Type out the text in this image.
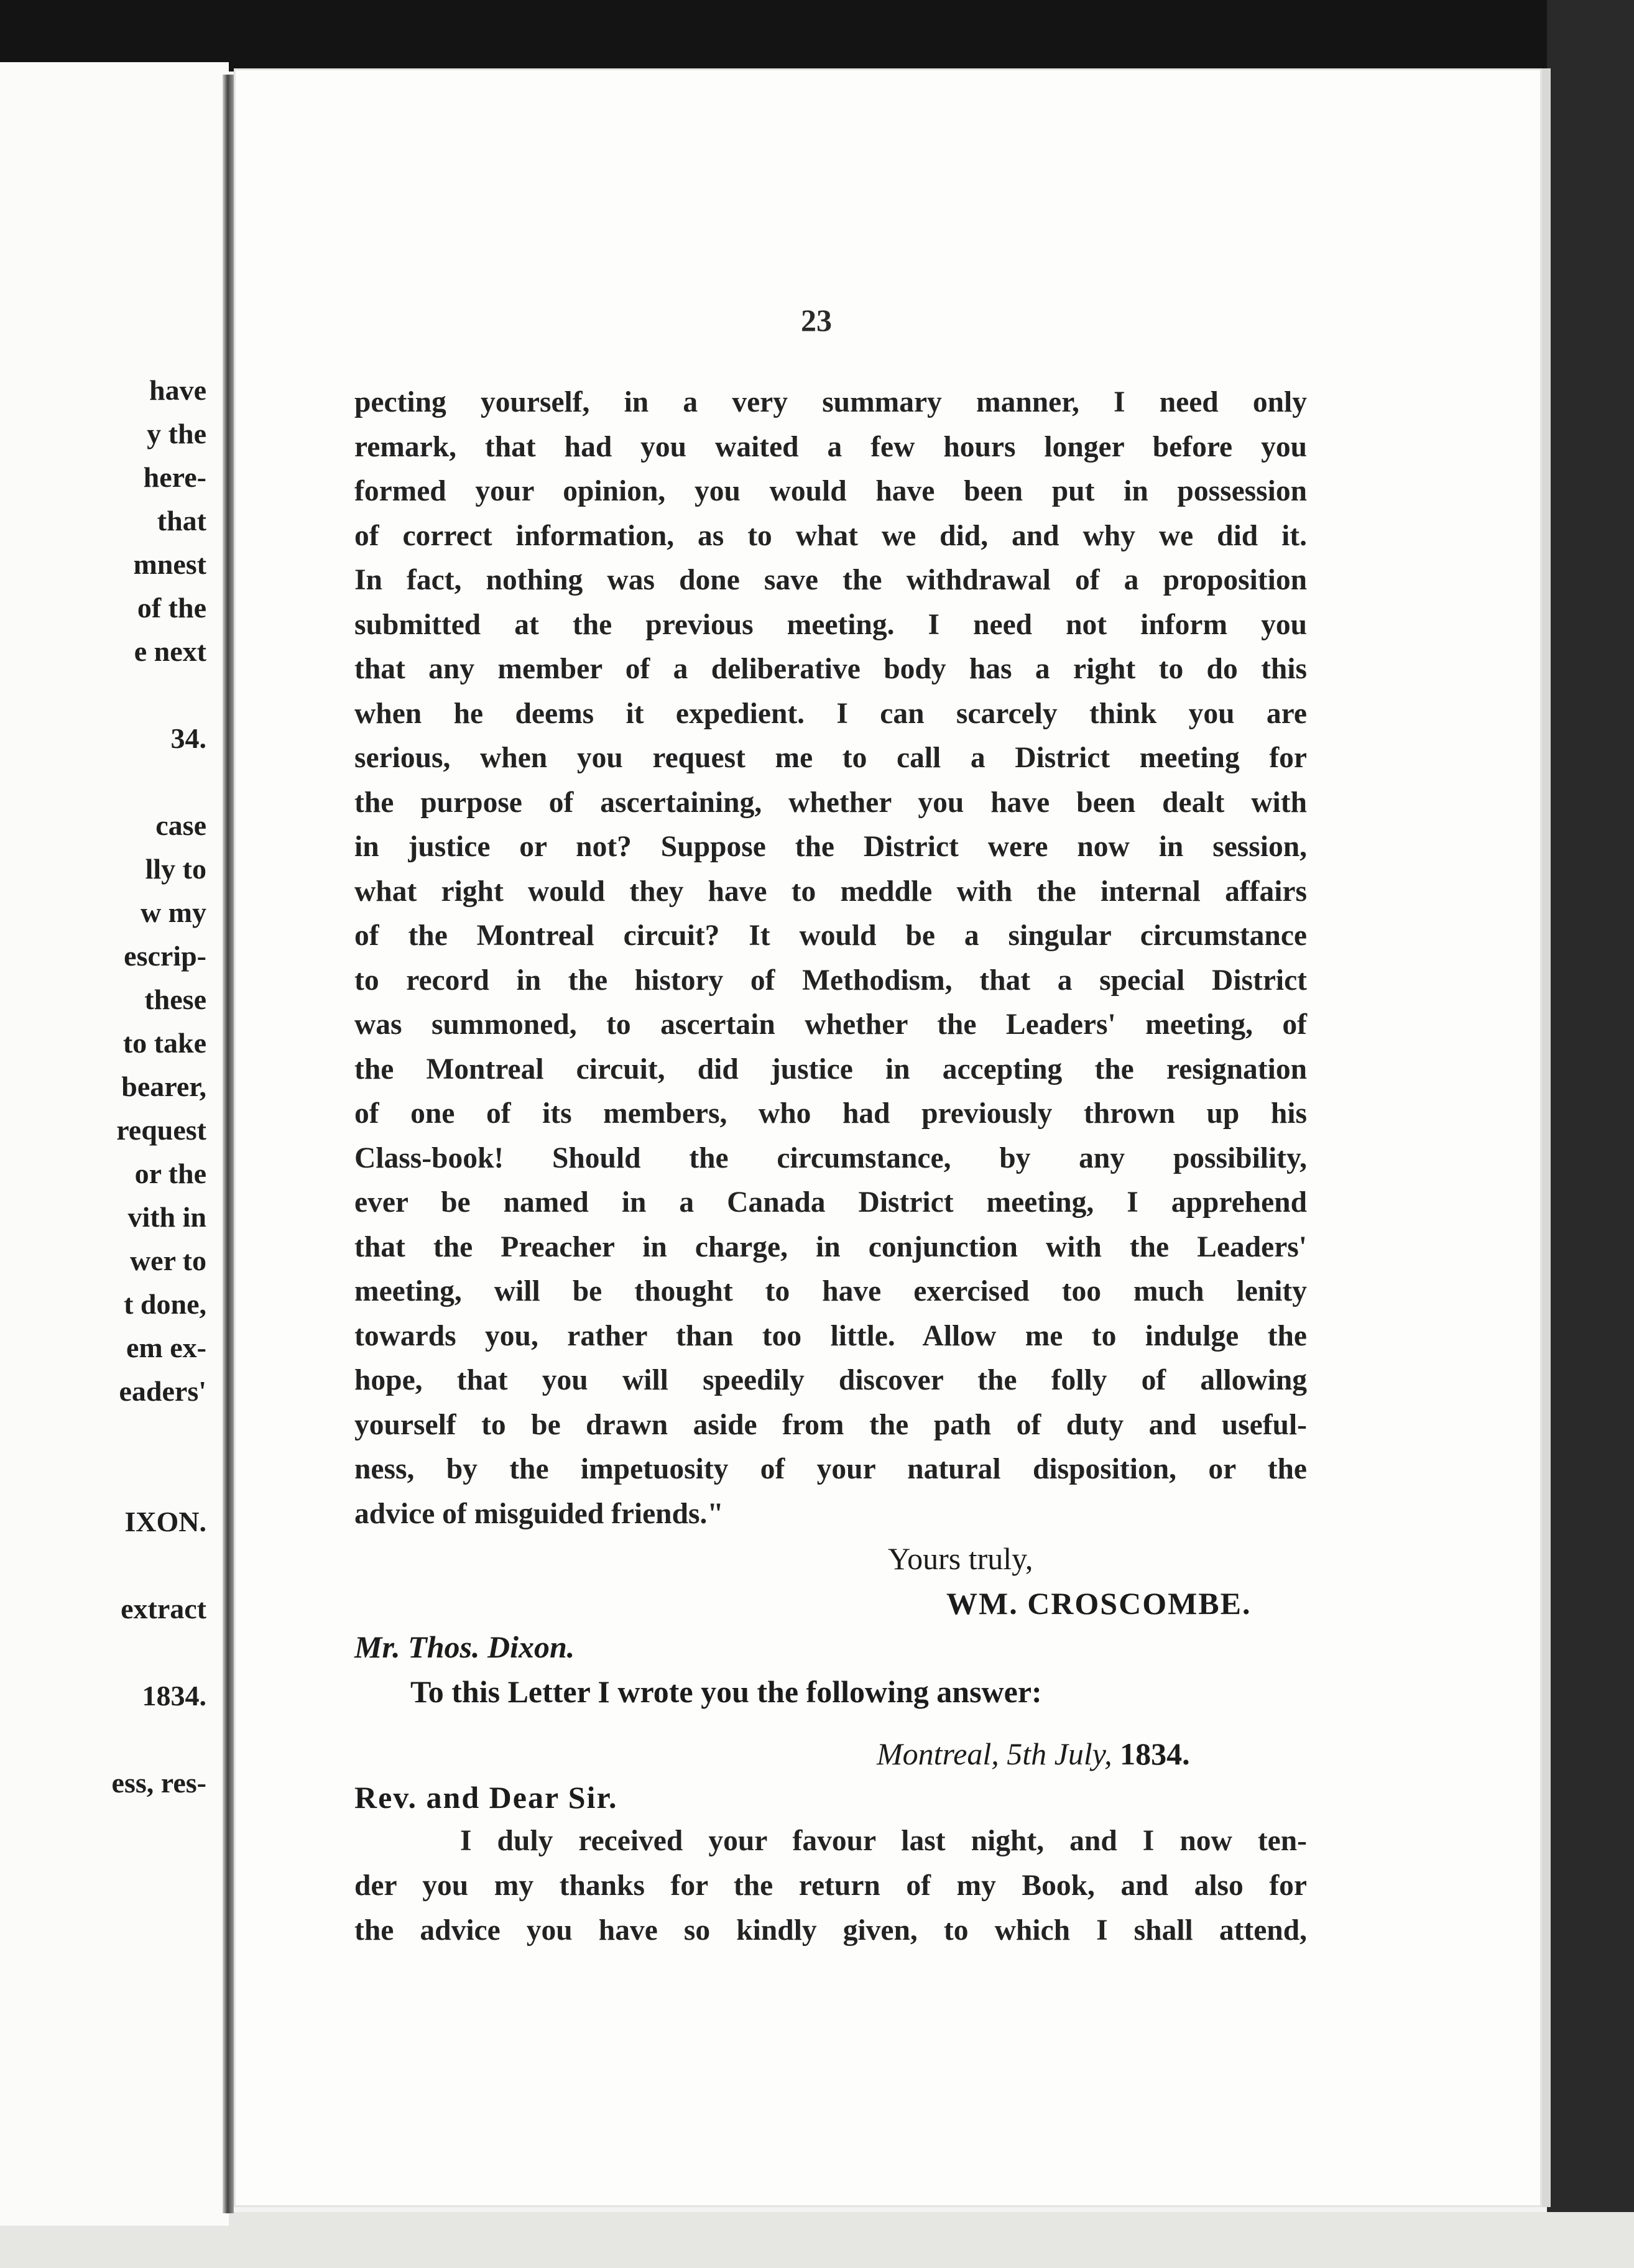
have
y the
here-
that
mnest
of the
e next
34.
case
lly to
w my
escrip-
these
to take
bearer,
request
or the
vith in
wer to
t done,
em ex-
eaders'
IXON.
extract
1834.
ess, res-
23
pecting yourself, in a very summary manner, I need only
remark, that had you waited a few hours longer before you
formed your opinion, you would have been put in possession
of correct information, as to what we did, and why we did it.
In fact, nothing was done save the withdrawal of a proposition
submitted at the previous meeting. I need not inform you
that any member of a deliberative body has a right to do this
when he deems it expedient. I can scarcely think you are
serious, when you request me to call a District meeting for
the purpose of ascertaining, whether you have been dealt with
in justice or not? Suppose the District were now in session,
what right would they have to meddle with the internal affairs
of the Montreal circuit? It would be a singular circumstance
to record in the history of Methodism, that a special District
was summoned, to ascertain whether the Leaders' meeting, of
the Montreal circuit, did justice in accepting the resignation
of one of its members, who had previously thrown up his
Class-book! Should the circumstance, by any possibility,
ever be named in a Canada District meeting, I apprehend
that the Preacher in charge, in conjunction with the Leaders'
meeting, will be thought to have exercised too much lenity
towards you, rather than too little. Allow me to indulge the
hope, that you will speedily discover the folly of allowing
yourself to be drawn aside from the path of duty and useful-
ness, by the impetuosity of your natural disposition, or the
advice of misguided friends."
Yours truly,
WM. CROSCOMBE.
Mr. Thos. Dixon.
To this Letter I wrote you the following answer:
Montreal, 5th July, 1834.
Rev. and Dear Sir.
I duly received your favour last night, and I now ten-
der you my thanks for the return of my Book, and also for
the advice you have so kindly given, to which I shall attend,
